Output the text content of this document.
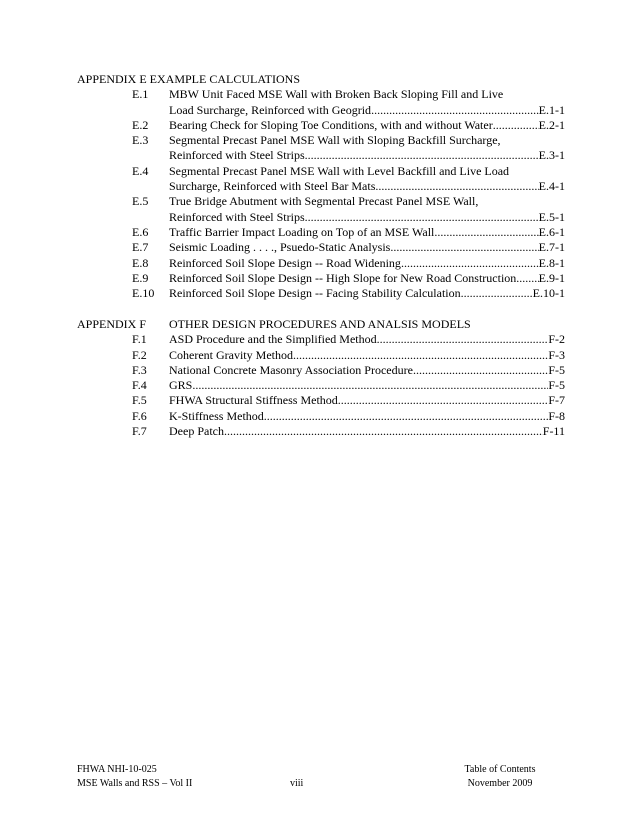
APPENDIX E EXAMPLE CALCULATIONS
E.1	MBW Unit Faced MSE Wall with Broken Back Sloping Fill and Live
Load Surcharge, Reinforced with Geogrid .....	E.1-1
E.2	Bearing Check for Sloping Toe Conditions, with and without Water .....	E.2-1
E.3	Segmental Precast Panel MSE Wall with Sloping Backfill Surcharge,
Reinforced with Steel Strips .....	E.3-1
E.4	Segmental Precast Panel MSE Wall with Level Backfill and Live Load
Surcharge, Reinforced with Steel Bar Mats .....	E.4-1
E.5	True Bridge Abutment with Segmental Precast Panel MSE Wall,
Reinforced with Steel Strips .....	E.5-1
E.6	Traffic Barrier Impact Loading on Top of an MSE Wall .....	E.6-1
E.7	Seismic Loading . . . ., Psuedo-Static Analysis .....	E.7-1
E.8	Reinforced Soil Slope Design -- Road Widening .....	E.8-1
E.9	Reinforced Soil Slope Design -- High Slope for New Road Construction ..... E.9-1
E.10	Reinforced Soil Slope Design -- Facing Stability Calculation .....	E.10-1
APPENDIX F OTHER DESIGN PROCEDURES AND ANALSIS MODELS
F.1	ASD Procedure and the Simplified Method .....	F-2
F.2	Coherent Gravity Method .....	F-3
F.3	National Concrete Masonry Association Procedure .....	F-5
F.4	GRS .....	F-5
F.5	FHWA Structural Stiffness Method .....	F-7
F.6	K-Stiffness Method .....	F-8
F.7	Deep Patch .....	F-11
FHWA NHI-10-025
MSE Walls and RSS – Vol II	viii
Table of Contents
November 2009
